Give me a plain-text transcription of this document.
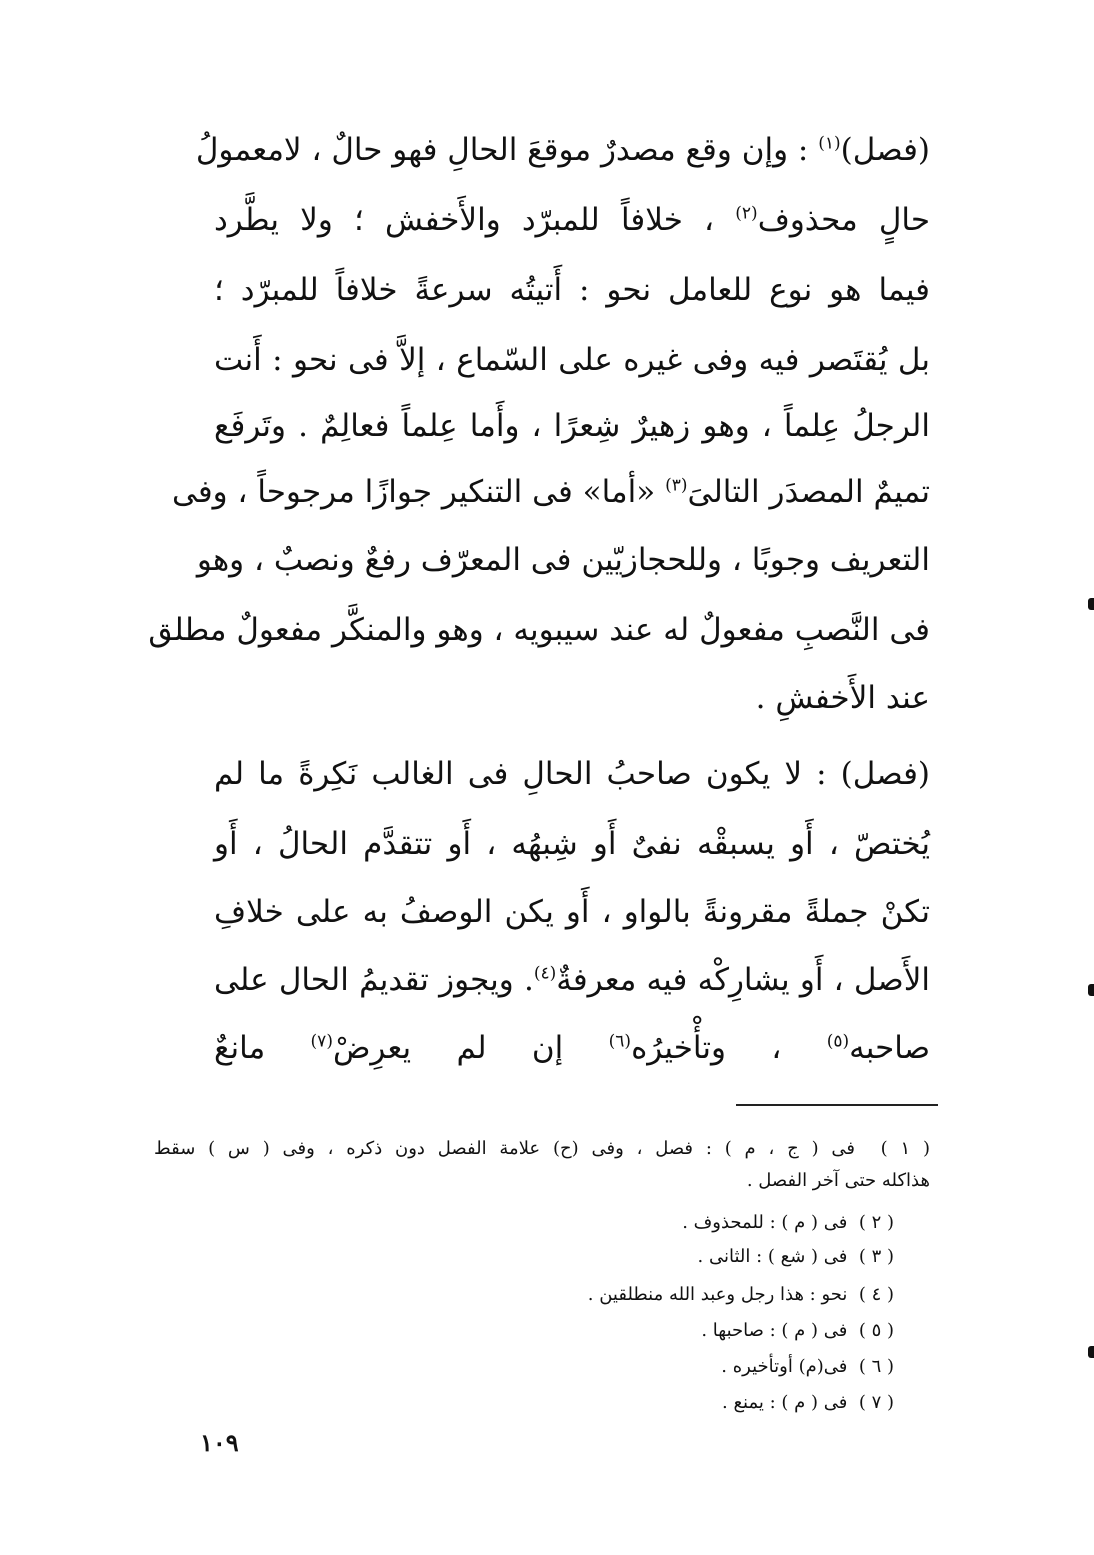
(فصل)$^{(١)}$ : وإن وقع مصدرٌ موقعَ الحالِ فهو حالٌ ، لامعمولُ
حالٍ محذوف$^{(٢)}$ ، خلافاً للمبرّد والأَخفش ؛ ولا يطَّرد
فيما هو نوع للعامل نحو : أَتيتُه سرعةً خلافاً للمبرّد ؛
بل يُقتَصر فيه وفى غيره على السّماع ، إلاَّ فى نحو : أَنت
الرجلُ عِلماً ، وهو زهيرٌ شِعرًا ، وأَما عِلماً فعالِمٌ . وتَرفَع
تميمٌ المصدَر التالىَ$^{(٣)}$ «أما» فى التنكير جوازًا مرجوحاً ، وفى
التعريف وجوبًا ، وللحجازيّين فى المعرّف رفعٌ ونصبٌ ، وهو
فى النَّصبِ مفعولٌ له عند سيبويه ، وهو والمنكَّر مفعولٌ مطلق
عند الأَخفشِ .
(فصل) : لا يكون صاحبُ الحالِ فى الغالب نَكِرةً ما لم
يُختصّ ، أَو يسبقْه نفىٌ أَو شِبهُه ، أَو تتقدَّم الحالُ ، أَو
تكنْ جملةً مقرونةً بالواو ، أَو يكن الوصفُ به على خلافِ
الأَصل ، أَو يشارِكْه فيه معرفةٌ$^{(٤)}$. ويجوز تقديمُ الحال على
صاحبه$^{(٥)}$ ، وتأْخيرُه$^{(٦)}$ إن لم يعرِضْ$^{(٧)}$ مانعٌ
( ١ )  فى ( ج ، م ) : فصل ، وفى (ح) علامة الفصل دون ذكره ، وفى ( س ) سقط
هذاكله حتى آخر الفصل .
( ٢ )  فى ( م ) : للمحذوف .
( ٣ )  فى ( شع ) : الثانى .
( ٤ )  نحو : هذا رجل وعبد الله منطلقين .
( ٥ )  فى ( م ) : صاحبها .
( ٦ )  فى(م) أوتأخيره .
( ٧ )  فى ( م ) : يمنع .
١٠٩
